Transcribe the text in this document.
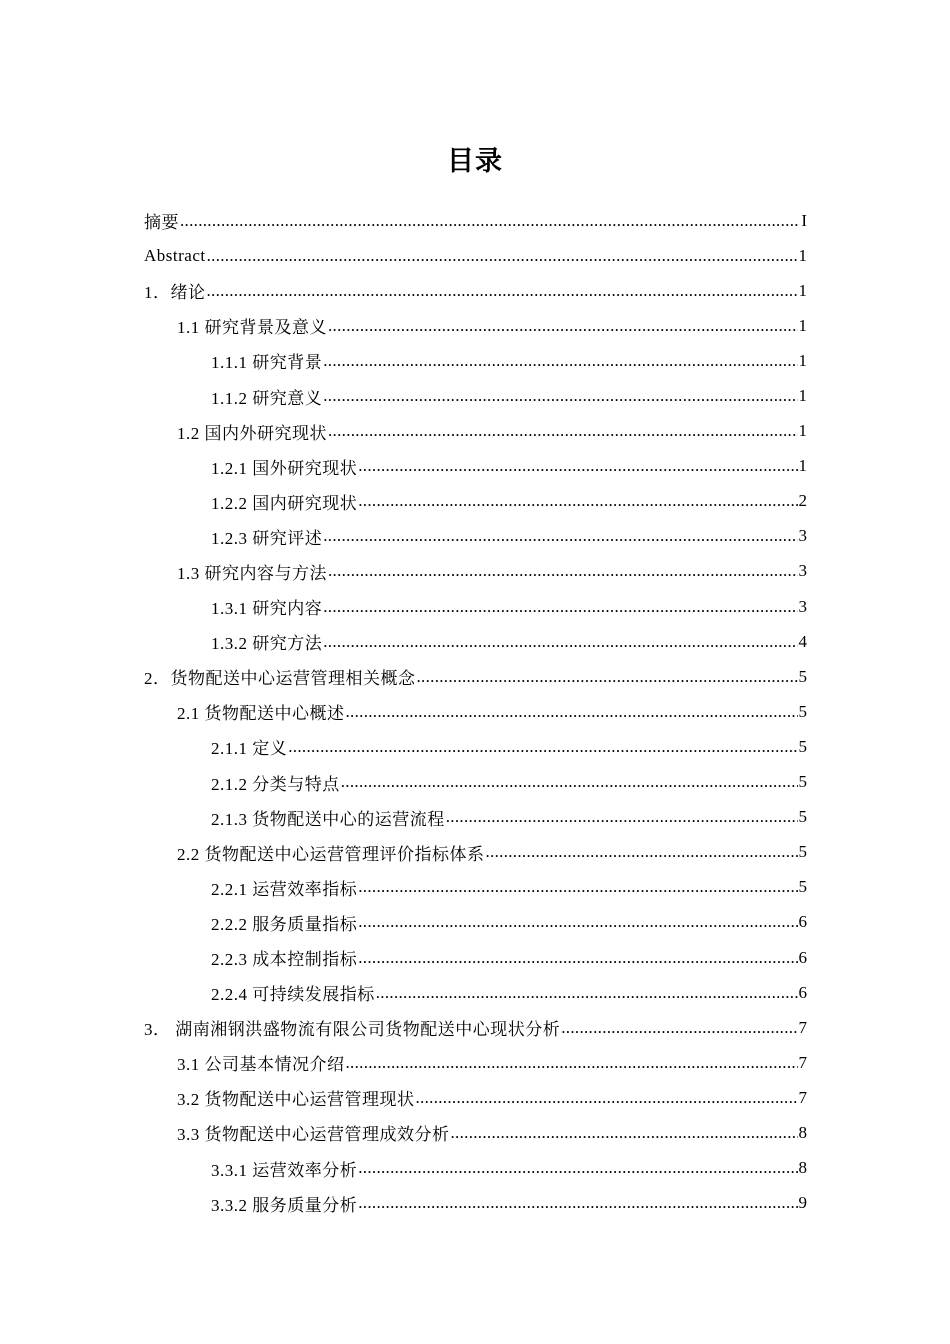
目录
摘要 .....	I
Abstract .....	1
1．绪论 .....	1
1.1 研究背景及意义 .....	1
1.1.1 研究背景 .....	1
1.1.2 研究意义 .....	1
1.2 国内外研究现状 .....	1
1.2.1 国外研究现状 .....	1
1.2.2 国内研究现状 .....	2
1.2.3 研究评述 .....	3
1.3 研究内容与方法 .....	3
1.3.1 研究内容 .....	3
1.3.2 研究方法 .....	4
2．货物配送中心运营管理相关概念 .....	5
2.1 货物配送中心概述 .....	5
2.1.1 定义 .....	5
2.1.2 分类与特点 .....	5
2.1.3 货物配送中心的运营流程 .....	5
2.2 货物配送中心运营管理评价指标体系 .....	5
2.2.1 运营效率指标 .....	5
2.2.2 服务质量指标 .....	6
2.2.3 成本控制指标 .....	6
2.2.4 可持续发展指标 .....	6
3． 湖南湘钢洪盛物流有限公司货物配送中心现状分析 .....	7
3.1 公司基本情况介绍 .....	7
3.2 货物配送中心运营管理现状 .....	7
3.3 货物配送中心运营管理成效分析 .....	8
3.3.1 运营效率分析 .....	8
3.3.2 服务质量分析 .....	9
